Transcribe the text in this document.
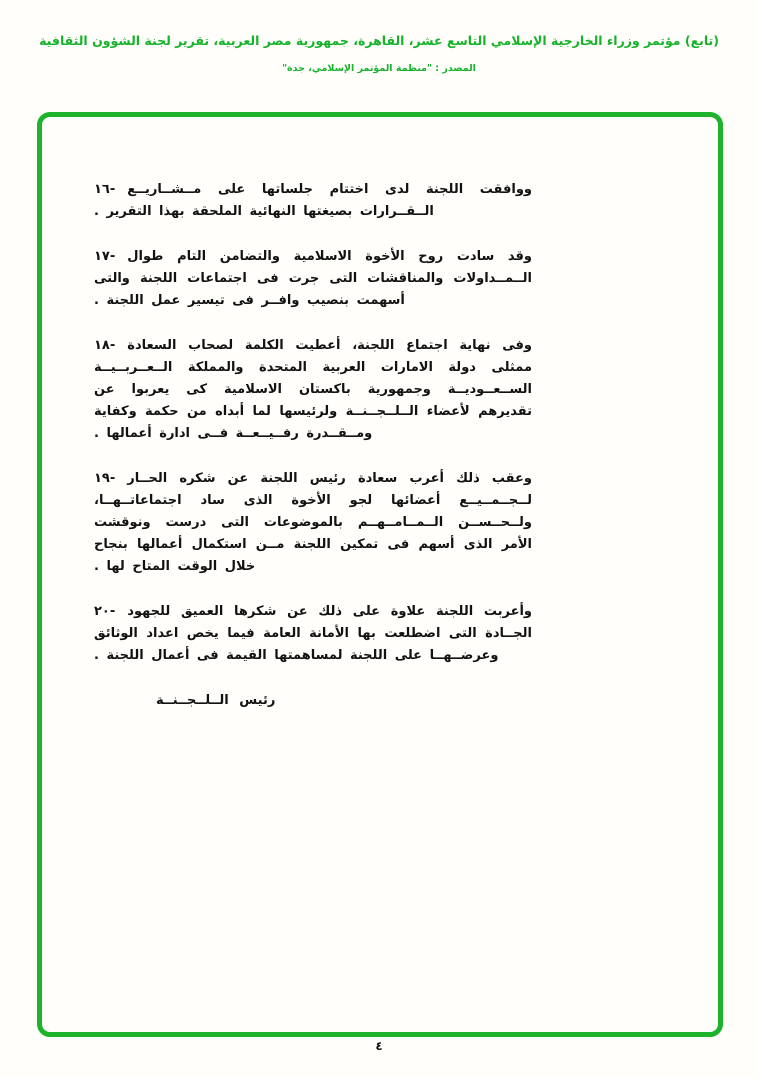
(تابع) مؤتمر وزراء الخارجية الإسلامي التاسع عشر، القاهرة، جمهورية مصر العربية، تقرير لجنة الشؤون الثقافية
المصدر : "منظمة المؤتمر الإسلامي، جدة"

١٦- ووافقت اللجنة لدى اختتام جلساتها على مــشــاريــع الــقــرارات بصيغتها النهائية الملحقة بهذا التقرير .

١٧- وقد سادت روح الأخوة الاسلامية والتضامن التام طوال الــمــداولات والمناقشات التى جرت فى اجتماعات اللجنة والتى أسهمت بنصيب وافــر فى تيسير عمل اللجنة .

١٨- وفى نهاية اجتماع اللجنة، أعطيت الكلمة لصحاب السعادة ممثلى دولة الامارات العربية المتحدة والمملكة الــعــربــيــة الســعــوديــة وجمهورية باكستان الاسلامية كى يعربوا عن تقديرهم لأعضاء الــلــجــنــة ولرئيسها لما أبداه من حكمة وكفاية ومــقــدرة رفــيــعــة فــى ادارة أعمالها .

١٩- وعقب ذلك أعرب سعادة رئيس اللجنة عن شكره الحــار لــجــمــيــع أعضائها لجو الأخوة الذى ساد اجتماعاتــهــا، ولــحــســن الــمــامــهــم بالموضوعات التى درست ونوقشت الأمر الذى أسهم فى تمكين اللجنة مــن استكمال أعمالها بنجاح خلال الوقت المتاح لها .

٢٠- وأعربت اللجنة علاوة على ذلك عن شكرها العميق للجهود الجــادة التى اضطلعت بها الأمانة العامة فيما يخص اعداد الوثائق وعرضــهــا على اللجنة لمساهمتها القيمة فى أعمال اللجنة .

رئيس الــلــجــنــة
٤
